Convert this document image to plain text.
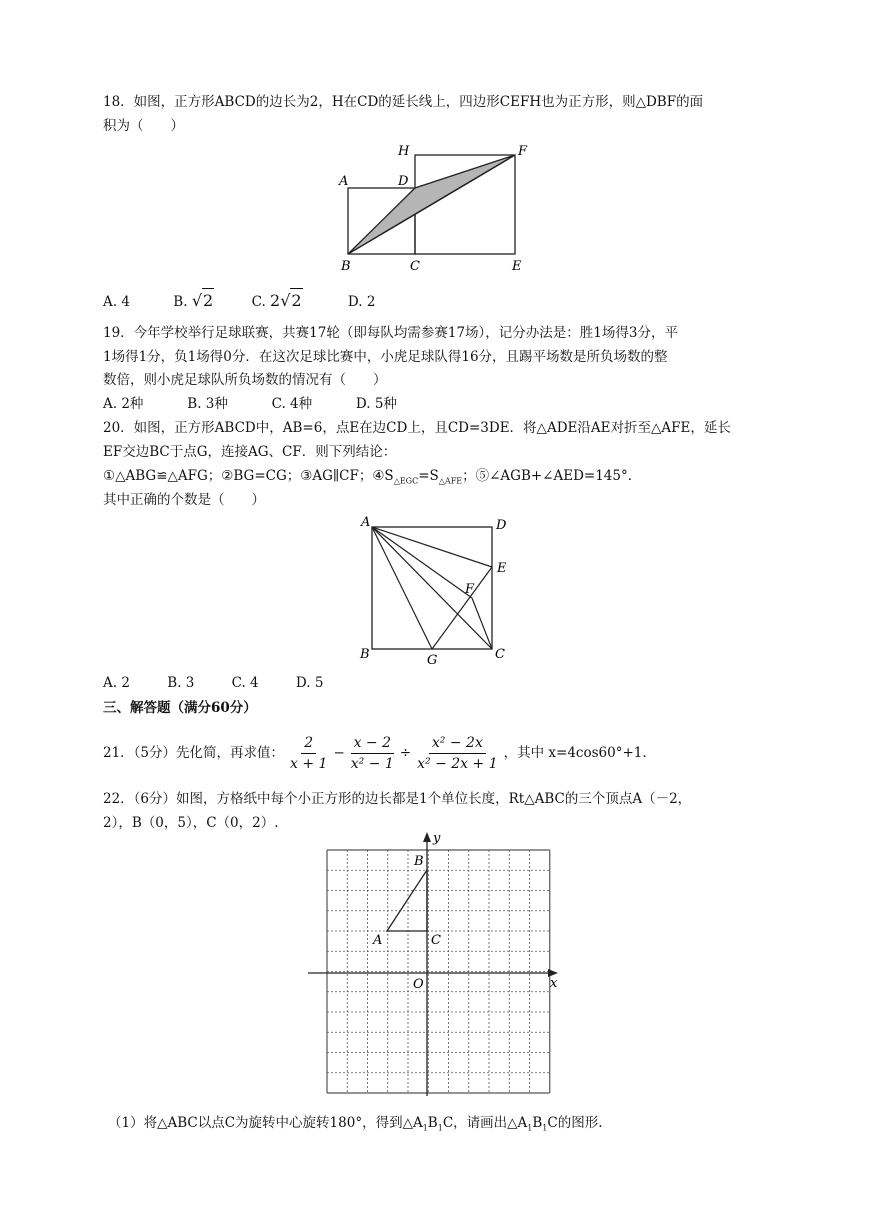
18．如图，正方形ABCD的边长为2，H在CD的延长线上，四边形CEFH也为正方形，则△DBF的面
积为（　　）
H	F
A	D
B	C	E
A. 4	B. √2	C. 2√2	D. 2
19．今年学校举行足球联赛，共赛17轮（即每队均需参赛17场），记分办法是：胜1场得3分，平
1场得1分，负1场得0分．在这次足球比赛中，小虎足球队得16分，且踢平场数是所负场数的整
数倍，则小虎足球队所负场数的情况有（　　）
A. 2种	B. 3种	C. 4种	D. 5种
20．如图，正方形ABCD中，AB=6，点E在边CD上，且CD=3DE．将△ADE沿AE对折至△AFE，延长
EF交边BC于点G，连接AG、CF．则下列结论：
①△ABG≌△AFG；②BG=CG；③AG∥CF；$④S_{\triangle EGC}=S_{\triangle AFE}$；⑤∠AGB+∠AED=145°．
其中正确的个数是（　　）
A	D
E
F
B	G	C
A. 2	B. 3	C. 4	D. 5
三、解答题（满分60分）
21．（5分）先化简，再求值： $\frac{2}{x + 1} - \frac{x - 2}{\text{x² − 1}} \div \frac{\text{x² − 2x}}{\text{x² − 2x + 1}}$ ，其中 x=4cos60°+1.
22．（6分）如图，方格纸中每个小正方形的边长都是1个单位长度，Rt△ABC的三个顶点A（－2，
2），B（0，5），C（0，2）.
y
x
B
A	C
O
（1）将△ABC以点C为旋转中心旋转180°，得到$\triangle A_1B_1C$，请画出$\triangle A_1B_1C$的图形.
